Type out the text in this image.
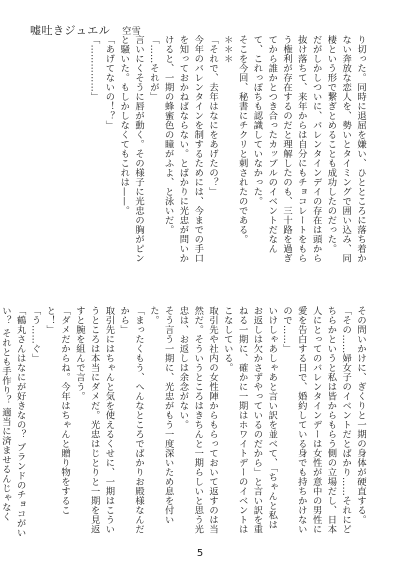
嘘吐きジュエル 空雪

り切った。同時に退屈を嫌い、ひとところに落ち着かない奔放な恋人を、勢いとタイミングで囲い込み、同棲という形で繋ぎとめることも成功したのだった。

だがしかしついに、バレンタインデイの存在は頭から抜け落ちて、来年からは自分にもチョコレートをもらう権利が存在するのだと理解したのも、三十路を過ぎてから誰かとつき合ったカップルのイベントだなんて、これっぽちも認識していなかった。

そこを今回、秘書にチクリと刺されたのである。

＊＊＊

「それで、去年はなにをあげたの？」

今年のバレンタインを制するためには、今までの手口を知っておかねばならない。とばかりに光忠が問いかけると、一期の蜂蜜色の瞳がふよ、と泳いだ。

「……それが」

言いにくそうに唇が動く。その様子に光忠の胸がピンと騒いた。もしかしなくてもこれは——。

「あげてないの！？」

「……………」

その問いかけに、ぎくりと一期の身体が硬直する。

「その……婦女子のイベントだとばかり……それにどちらかというと私は皆からもらう側の立場だし、日本人にとってのバレンタインデーは女性が意中の男性に愛を告白する日で、婚約している身でも持ちかけないので……」

いけしゃあしゃあと言い訳を並べて、「ちゃんと私はお返しは欠かさずやっているのだから」と言い訳を重ねる一期に、確かに一期はホワイトデーのイベントはこなしている。

取引先や社内の女性陣からもらっておいて返すのは当然だ。そういうところはきちんと一期らしいと思う光忠は、お返しは余念がない。

そう言う一期に、光忠がもう一度深いため息を付いた。

「まったくもう、へんなところでばかりお殿様なんだから」

取引先にはちゃんと気を使えるくせに、一期はこういうところは本当にダメだ。光忠はじとりと一期を見返すと腕を組んで言う。

「ダメだからね。今年はちゃんと贈り物をすること！」

「う……ぐ」

「鶴丸さんはなにが好きなの？ ブランドのチョコがいい？ それとも手作り？ 適当に済ませるんじゃなく

5
